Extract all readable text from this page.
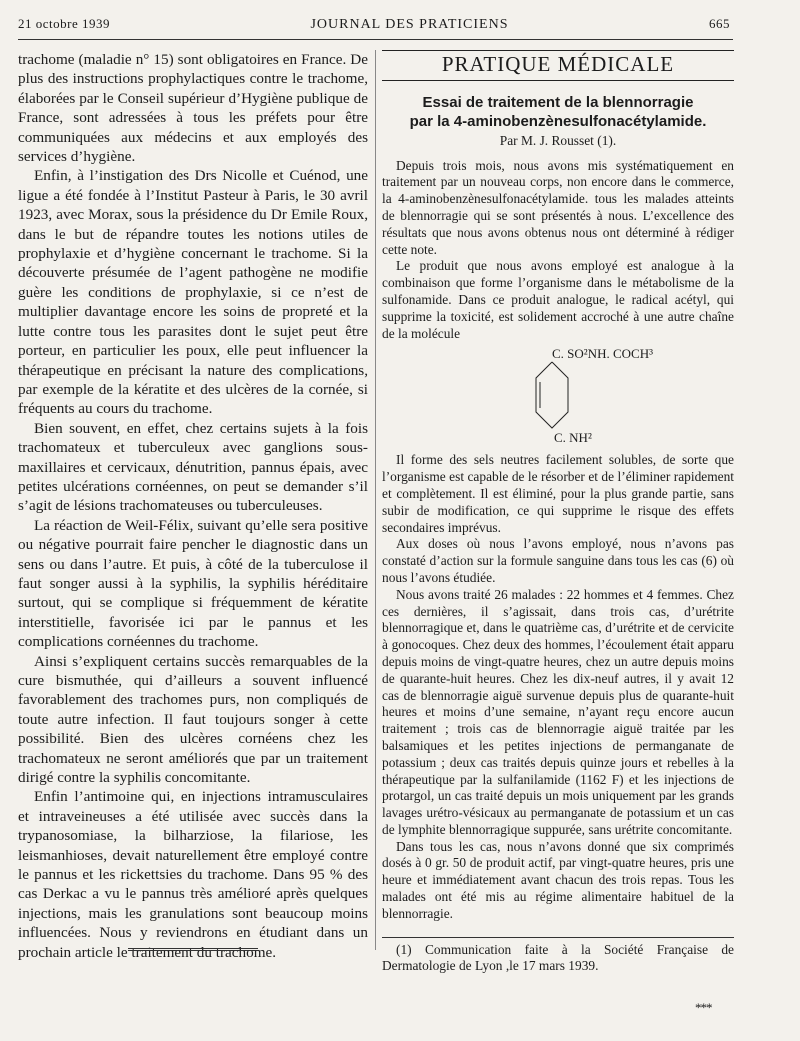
21 octobre 1939	JOURNAL DES PRATICIENS	665

trachome (maladie n° 15) sont obligatoires en France. De plus des instructions prophylactiques contre le trachome, élaborées par le Conseil supérieur d’Hygiène publique de France, sont adressées à tous les préfets pour être communiquées aux médecins et aux employés des services d’hygiène.

Enfin, à l’instigation des Drs Nicolle et Cuénod, une ligue a été fondée à l’Institut Pasteur à Paris, le 30 avril 1923, avec Morax, sous la présidence du Dr Emile Roux, dans le but de répandre toutes les notions utiles de prophylaxie et d’hygiène concernant le trachome. Si la découverte présumée de l’agent pathogène ne modifie guère les conditions de prophylaxie, si ce n’est de multiplier davantage encore les soins de propreté et la lutte contre tous les parasites dont le sujet peut être porteur, en particulier les poux, elle peut influencer la thérapeutique en précisant la nature des complications, par exemple de la kératite et des ulcères de la cornée, si fréquents au cours du trachome.

Bien souvent, en effet, chez certains sujets à la fois trachomateux et tuberculeux avec ganglions sous-maxillaires et cervicaux, dénutrition, pannus épais, avec petites ulcérations cornéennes, on peut se demander s’il s’agit de lésions trachomateuses ou tuberculeuses.

La réaction de Weil-Félix, suivant qu’elle sera positive ou négative pourrait faire pencher le diagnostic dans un sens ou dans l’autre. Et puis, à côté de la tuberculose il faut songer aussi à la syphilis, la syphilis héréditaire surtout, qui se complique si fréquemment de kératite interstitielle, favorisée ici par le pannus et les complications cornéennes du trachome.

Ainsi s’expliquent certains succès remarquables de la cure bismuthée, qui d’ailleurs a souvent influencé favorablement des trachomes purs, non compliqués de toute autre infection. Il faut toujours songer à cette possibilité. Bien des ulcères cornéens chez les trachomateux ne seront améliorés que par un traitement dirigé contre la syphilis concomitante.

Enfin l’antimoine qui, en injections intramusculaires et intraveineuses a été utilisée avec succès dans la trypanosomiase, la bilharziose, la filariose, les leismanhioses, devait naturellement être employé contre le pannus et les rickettsies du trachome. Dans 95 % des cas Derkac a vu le pannus très amélioré après quelques injections, mais les granulations sont beaucoup moins influencées. Nous y reviendrons en étudiant dans un prochain article le traitement du trachome.

PRATIQUE MÉDICALE
Essai de traitement de la blennorragie
par la 4-aminobenzènesulfonacétylamide.
Par M. J. Rousset (1).

Depuis trois mois, nous avons mis systématiquement en traitement par un nouveau corps, non encore dans le commerce, la 4-aminobenzènesulfonacétylamide. tous les malades atteints de blennorragie qui se sont présentés à nous. L’excellence des résultats que nous avons obtenus nous ont déterminé à rédiger cette note.

Le produit que nous avons employé est analogue à la combinaison que forme l’organisme dans le métabolisme de la sulfonamide. Dans ce produit analogue, le radical acétyl, qui supprime la toxicité, est solidement accroché à une autre chaîne de la molécule

C. SO²NH. COCH³
C. NH²

Il forme des sels neutres facilement solubles, de sorte que l’organisme est capable de le résorber et de l’éliminer rapidement et complètement. Il est éliminé, pour la plus grande partie, sans subir de modification, ce qui supprime le risque des effets secondaires imprévus.

Aux doses où nous l’avons employé, nous n’avons pas constaté d’action sur la formule sanguine dans tous les cas (6) où nous l’avons étudiée.

Nous avons traité 26 malades : 22 hommes et 4 femmes. Chez ces dernières, il s’agissait, dans trois cas, d’urétrite blennorragique et, dans le quatrième cas, d’urétrite et de cervicite à gonocoques. Chez deux des hommes, l’écoulement était apparu depuis moins de vingt-quatre heures, chez un autre depuis moins de quarante-huit heures. Chez les dix-neuf autres, il y avait 12 cas de blennorragie aiguë survenue depuis plus de quarante-huit heures et moins d’une semaine, n’ayant reçu encore aucun traitement ; trois cas de blennorragie aiguë traitée par les balsamiques et les petites injections de permanganate de potassium ; deux cas traités depuis quinze jours et rebelles à la thérapeutique par la sulfanilamide (1162 F) et les injections de protargol, un cas traité depuis un mois uniquement par les grands lavages urétro-vésicaux au permanganate de potassium et un cas de lymphite blennorragique suppurée, sans urétrite concomitante.

Dans tous les cas, nous n’avons donné que six comprimés dosés à 0 gr. 50 de produit actif, par vingt-quatre heures, pris une heure et immédiatement avant chacun des trois repas. Tous les malades ont été mis au régime alimentaire habituel de la blennorragie.

(1) Communication faite à la Société Française de Dermatologie de Lyon ,le 17 mars 1939.

***
